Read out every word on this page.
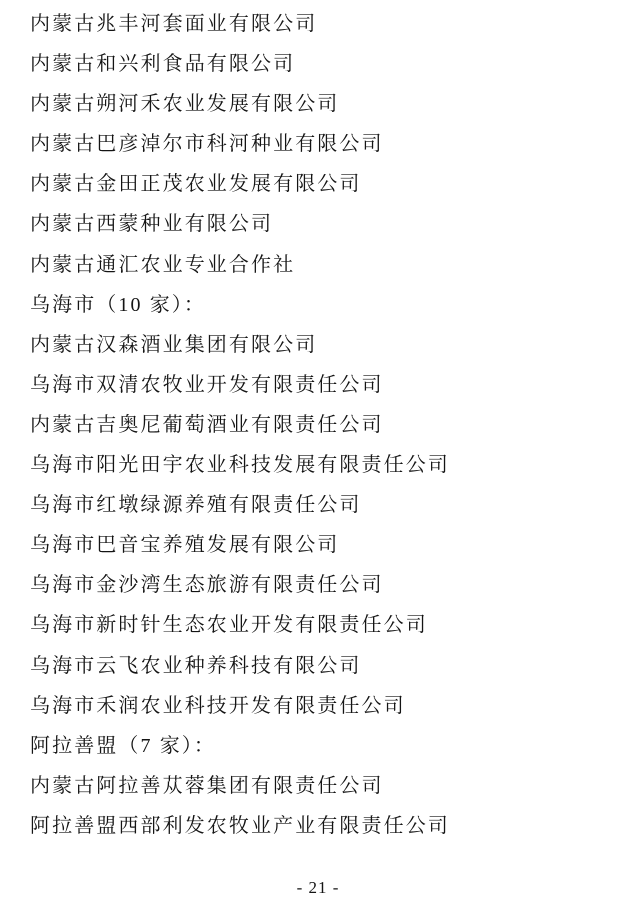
内蒙古兆丰河套面业有限公司
内蒙古和兴利食品有限公司
内蒙古朔河禾农业发展有限公司
内蒙古巴彦淖尔市科河种业有限公司
内蒙古金田正茂农业发展有限公司
内蒙古西蒙种业有限公司
内蒙古通汇农业专业合作社
乌海市（10 家）：
内蒙古汉森酒业集团有限公司
乌海市双清农牧业开发有限责任公司
内蒙古吉奥尼葡萄酒业有限责任公司
乌海市阳光田宇农业科技发展有限责任公司
乌海市红墩绿源养殖有限责任公司
乌海市巴音宝养殖发展有限公司
乌海市金沙湾生态旅游有限责任公司
乌海市新时针生态农业开发有限责任公司
乌海市云飞农业种养科技有限公司
乌海市禾润农业科技开发有限责任公司
阿拉善盟（7 家）：
内蒙古阿拉善苁蓉集团有限责任公司
阿拉善盟西部利发农牧业产业有限责任公司
- 21 -
